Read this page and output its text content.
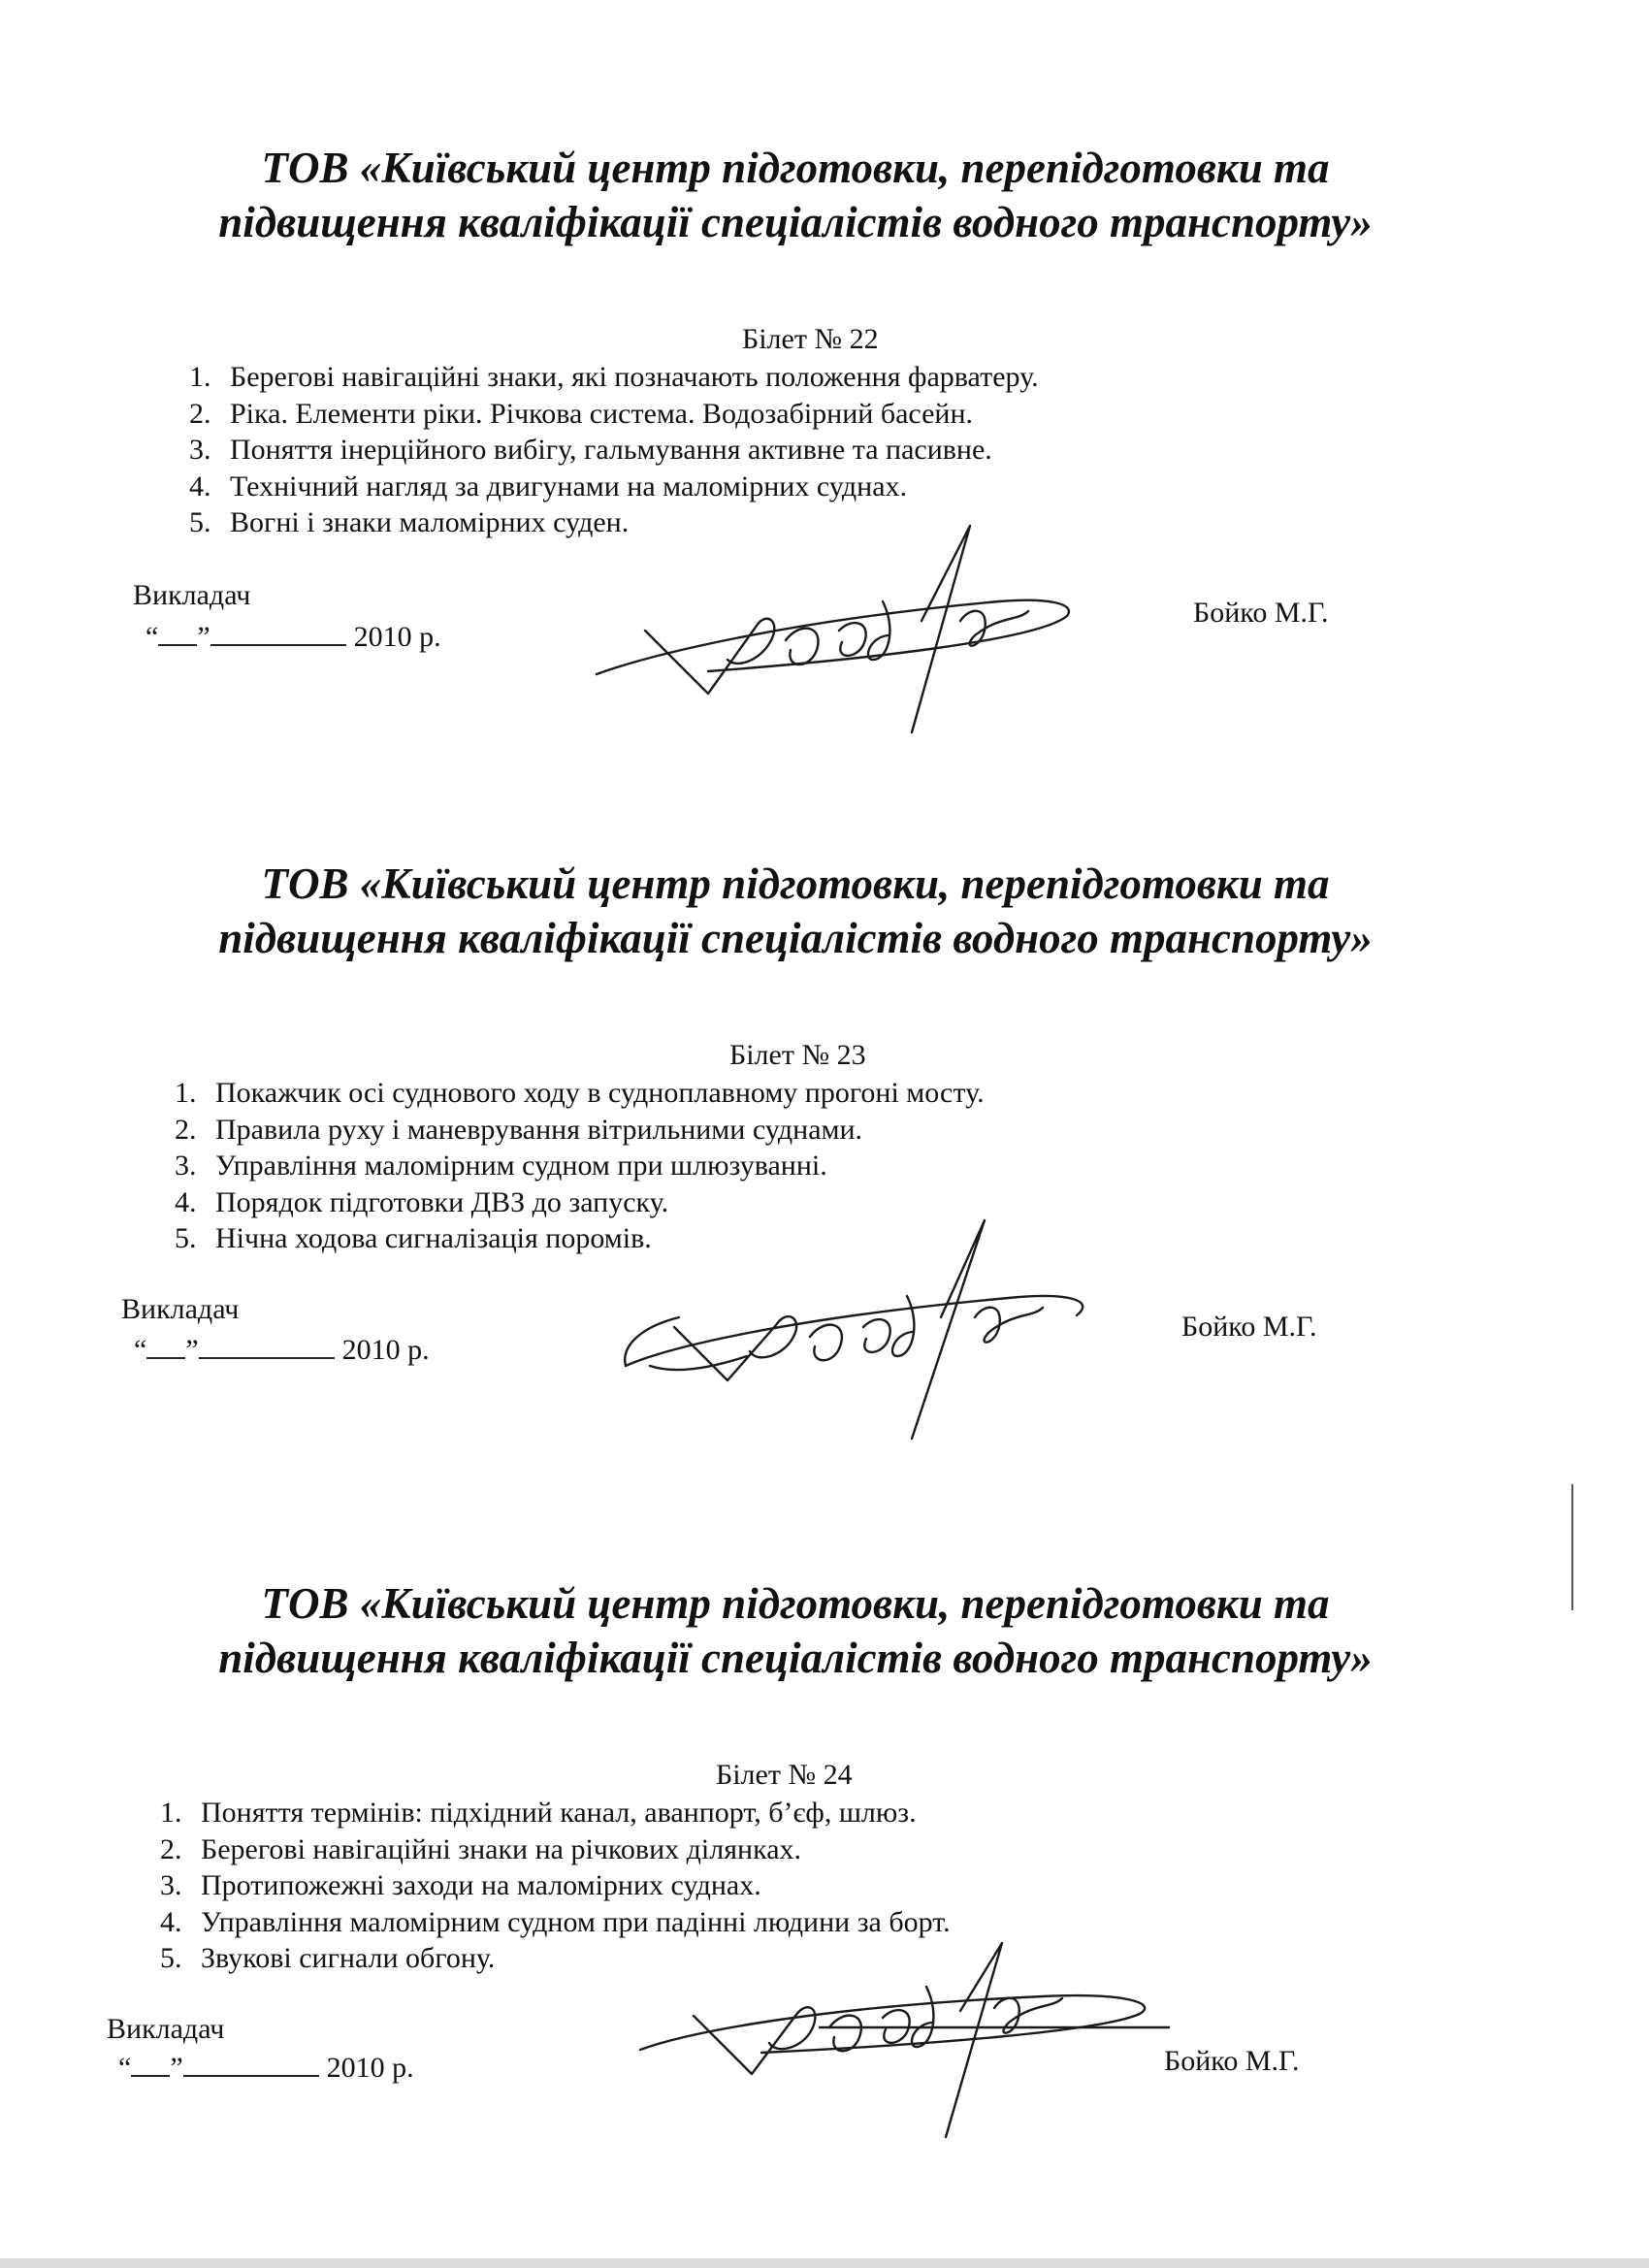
ТОВ «Київський центр підготовки, перепідготовки та
підвищення кваліфікації спеціалістів водного транспорту»
Білет № 22
1. Берегові навігаційні знаки, які позначають положення фарватеру.
2. Ріка. Елементи ріки. Річкова система. Водозабірний басейн.
3. Поняття інерційного вибігу, гальмування активне та пасивне.
4. Технічний нагляд за двигунами на маломірних суднах.
5. Вогні і знаки маломірних суден.
Викладач
“ ”	2010 р.
Бойко М.Г.
ТОВ «Київський центр підготовки, перепідготовки та
підвищення кваліфікації спеціалістів водного транспорту»
Білет № 23
1. Покажчик осі суднового ходу в судноплавному прогоні мосту.
2. Правила руху і маневрування вітрильними суднами.
3. Управління маломірним судном при шлюзуванні.
4. Порядок підготовки ДВЗ до запуску.
5. Нічна ходова сигналізація поромів.
Викладач
“ ”	2010 р.
Бойко М.Г.
ТОВ «Київський центр підготовки, перепідготовки та
підвищення кваліфікації спеціалістів водного транспорту»
Білет № 24
1. Поняття термінів: підхідний канал, аванпорт, б’єф, шлюз.
2. Берегові навігаційні знаки на річкових ділянках.
3. Протипожежні заходи на маломірних суднах.
4. Управління маломірним судном при падінні людини за борт.
5. Звукові сигнали обгону.
Викладач
“ ”	2010 р.	Бойко М.Г.
